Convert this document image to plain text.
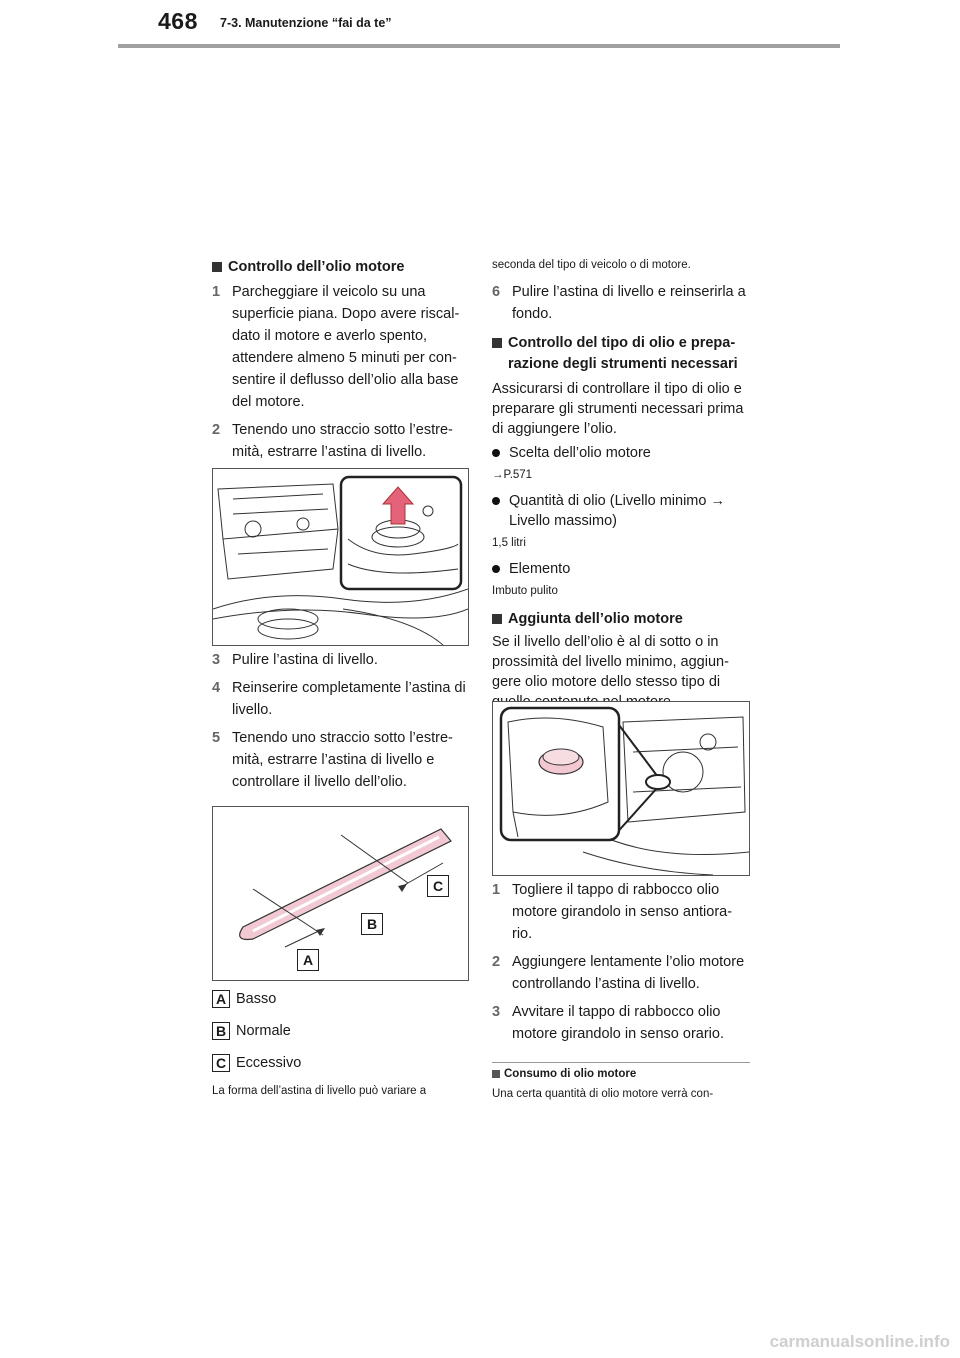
468 7-3. Manutenzione “fai da te”
Controllo dell’olio motore
1 Parcheggiare il veicolo su una superficie piana. Dopo avere riscal- dato il motore e averlo spento, attendere almeno 5 minuti per con- sentire il deflusso dell’olio alla base del motore.
2 Tenendo uno straccio sotto l’estre- mità, estrarre l’astina di livello.
3 Pulire l’astina di livello.
4 Reinserire completamente l’astina di livello.
5 Tenendo uno straccio sotto l’estre- mità, estrarre l’astina di livello e controllare il livello dell’olio.
C
B
A
A Basso
B Normale
C Eccessivo
La forma dell’astina di livello può variare a
seconda del tipo di veicolo o di motore.
6 Pulire l’astina di livello e reinserirla a fondo.
Controllo del tipo di olio e prepa- razione degli strumenti necessari
Assicurarsi di controllare il tipo di olio e preparare gli strumenti necessari prima di aggiungere l’olio.
Scelta dell’olio motore
→P.571
Quantità di olio (Livello minimo → Livello massimo)
1,5 litri
Elemento
Imbuto pulito
Aggiunta dell’olio motore
Se il livello dell’olio è al di sotto o in prossimità del livello minimo, aggiun- gere olio motore dello stesso tipo di
1 Togliere il tappo di rabbocco olio motore girandolo in senso antiora- rio.
2 Aggiungere lentamente l’olio motore controllando l’astina di livello.
3 Avvitare il tappo di rabbocco olio motore girandolo in senso orario.
Consumo di olio motore
Una certa quantità di olio motore verrà con-
carmanualsonline.info
